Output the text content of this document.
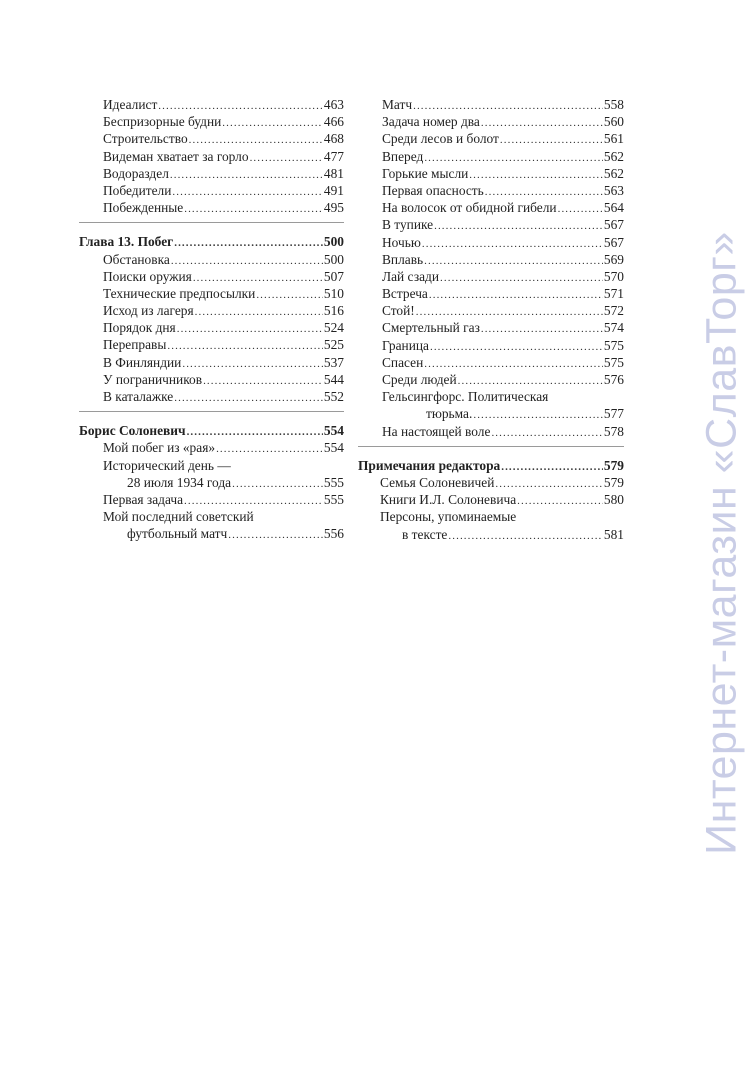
Идеалист .....	463
Беспризорные будни .....	466
Строительство .....	468
Видеман хватает за горло .....	477
Водораздел .....	481
Победители .....	491
Побежденные .....	495
Глава 13. Побег .....	500
Обстановка .....	500
Поиски оружия .....	507
Технические предпосылки .....	510
Исход из лагеря .....	516
Порядок дня .....	524
Переправы .....	525
В Финляндии .....	537
У пограничников .....	544
В каталажке .....	552
Борис Солоневич .....	554
Мой побег из «рая» .....	554
Исторический день —
28 июля 1934 года .....	555
Первая задача .....	555
Мой последний советский
футбольный матч .....	556
Матч .....	558
Задача номер два .....	560
Среди лесов и болот .....	561
Вперед .....	562
Горькие мысли .....	562
Первая опасность .....	563
На волосок от обидной гибели .....	564
В тупике .....	567
Ночью .....	567
Вплавь .....	569
Лай сзади .....	570
Встреча .....	571
Стой! .....	572
Смертельный газ .....	574
Граница .....	575
Спасен .....	575
Среди людей .....	576
Гельсингфорс. Политическая
тюрьма. .....	577
На настоящей воле .....	578
Примечания редактора .....	579
Семья Солоневичей .....	579
Книги И.Л. Солоневича .....	580
Персоны, упоминаемые
в тексте .....	581 Интернет-магазин «СлавТорг»
